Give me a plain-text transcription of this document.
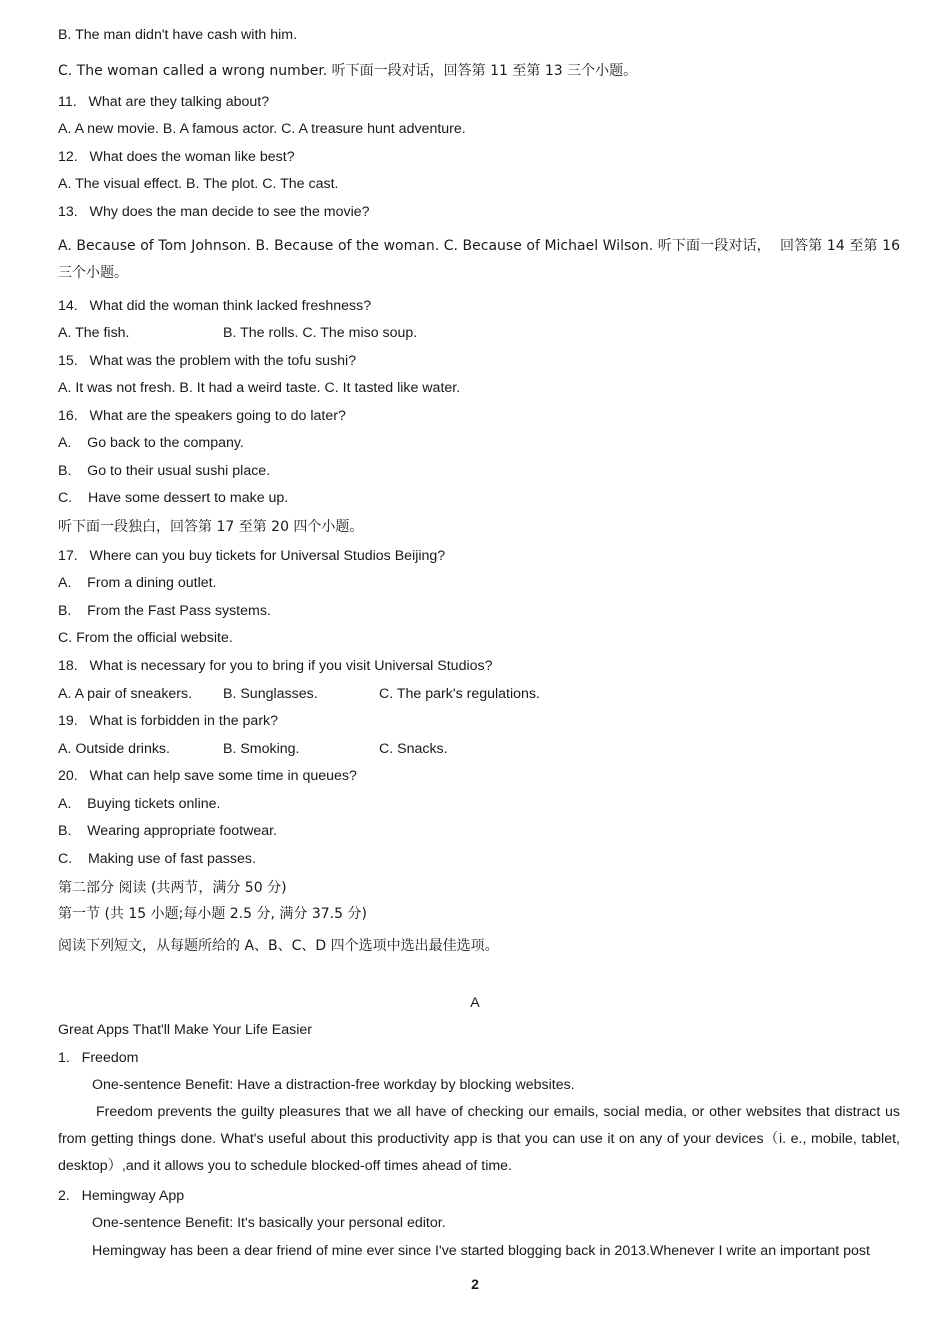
B. The man didn't have cash with him.
C. The woman called a wrong number. 听下面一段对话，回答第 11 至第 13 三个小题。
11.   What are they talking about?
A. A new movie. B. A famous actor. C. A treasure hunt adventure.
12.   What does the woman like best?
A. The visual effect. B. The plot. C. The cast.
13.   Why does the man decide to see the movie?
A. Because of Tom Johnson. B. Because of the woman. C. Because of Michael Wilson. 听下面一段对话，  回答第 14 至第 16 三个小题。
14.   What did the woman think lacked freshness?
A. The fish.	B. The rolls. C. The miso soup.
15.   What was the problem with the tofu sushi?
A. It was not fresh. B. It had a weird taste. C. It tasted like water.
16.   What are the speakers going to do later?
A.    Go back to the company.
B.    Go to their usual sushi place.
C.    Have some dessert to make up.
听下面一段独白，回答第 17 至第 20 四个小题。
17.   Where can you buy tickets for Universal Studios Beijing?
A.    From a dining outlet.
B.    From the Fast Pass systems.
C. From the official website.
18.   What is necessary for you to bring if you visit Universal Studios?
A. A pair of sneakers. B. Sunglasses.	C. The park's regulations.
19.   What is forbidden in the park?
A. Outside drinks.	B. Smoking.	C. Snacks.
20.   What can help save some time in queues?
A.    Buying tickets online.
B.    Wearing appropriate footwear.
C.    Making use of fast passes.
第二部分 阅读 (共两节，满分 50 分)
第一节 (共 15 小题;每小题 2.5 分, 满分 37.5 分)
阅读下列短文，从每题所给的 A、B、C、D 四个选项中选出最佳选项。
A
Great Apps That'll Make Your Life Easier
1.   Freedom
One-sentence Benefit: Have a distraction-free workday by blocking websites.
Freedom prevents the guilty pleasures that we all have of checking our emails, social media, or other websites that distract us from getting things done. What's useful about this productivity app is that you can use it on any of your devices（i. e., mobile, tablet, desktop）,and it allows you to schedule blocked-off times ahead of time.
2.   Hemingway App
One-sentence Benefit: It's basically your personal editor.
Hemingway has been a dear friend of mine ever since I've started blogging back in 2013.Whenever I write an important post
2
